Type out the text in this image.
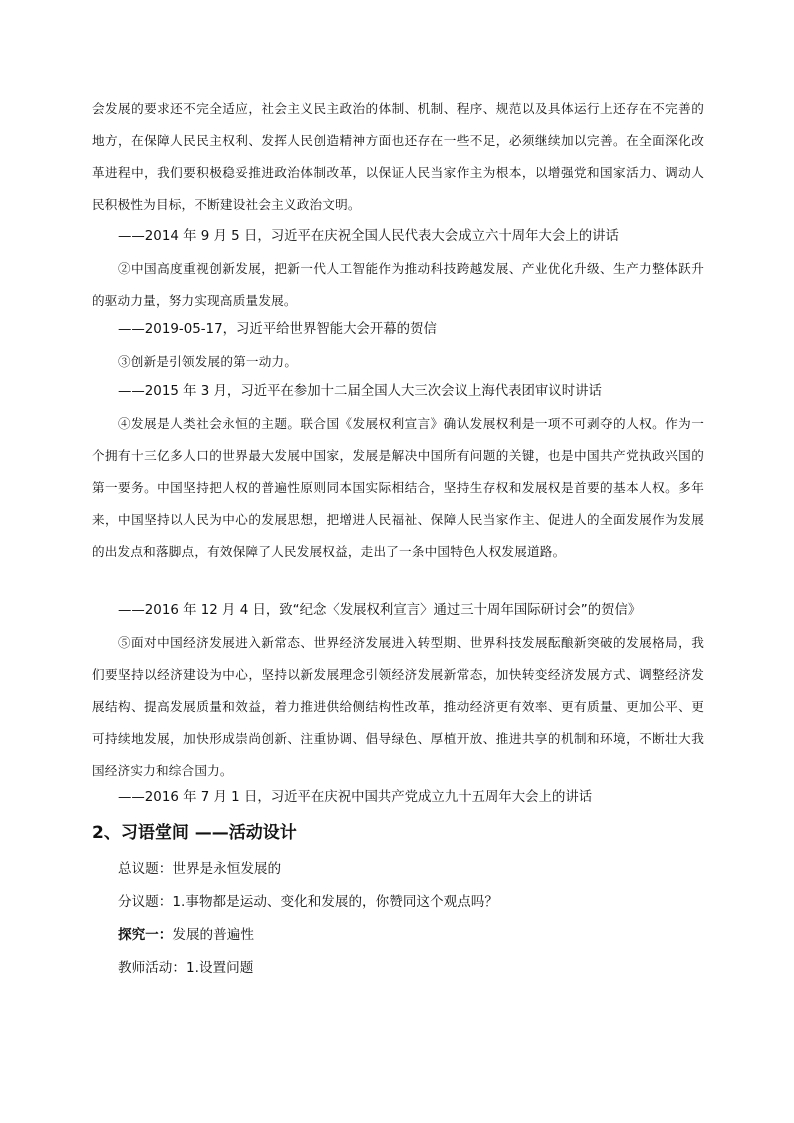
会发展的要求还不完全适应，社会主义民主政治的体制、机制、程序、规范以及具体运行上还存在不完善的地方，在保障人民民主权利、发挥人民创造精神方面也还存在一些不足，必须继续加以完善。在全面深化改革进程中，我们要积极稳妥推进政治体制改革，以保证人民当家作主为根本，以增强党和国家活力、调动人民积极性为目标，不断建设社会主义政治文明。

——2014 年 9 月 5 日，习近平在庆祝全国人民代表大会成立六十周年大会上的讲话

②中国高度重视创新发展，把新一代人工智能作为推动科技跨越发展、产业优化升级、生产力整体跃升的驱动力量，努力实现高质量发展。

——2019-05-17，习近平给世界智能大会开幕的贺信

③创新是引领发展的第一动力。

——2015 年 3 月，习近平在参加十二届全国人大三次会议上海代表团审议时讲话

④发展是人类社会永恒的主题。联合国《发展权利宣言》确认发展权利是一项不可剥夺的人权。作为一个拥有十三亿多人口的世界最大发展中国家，发展是解决中国所有问题的关键，也是中国共产党执政兴国的第一要务。中国坚持把人权的普遍性原则同本国实际相结合，坚持生存权和发展权是首要的基本人权。多年来，中国坚持以人民为中心的发展思想，把增进人民福祉、保障人民当家作主、促进人的全面发展作为发展的出发点和落脚点，有效保障了人民发展权益，走出了一条中国特色人权发展道路。

——2016 年 12 月 4 日，致“纪念〈发展权利宣言〉通过三十周年国际研讨会”的贺信》

⑤面对中国经济发展进入新常态、世界经济发展进入转型期、世界科技发展酝酿新突破的发展格局，我们要坚持以经济建设为中心，坚持以新发展理念引领经济发展新常态，加快转变经济发展方式、调整经济发展结构、提高发展质量和效益，着力推进供给侧结构性改革，推动经济更有效率、更有质量、更加公平、更可持续地发展，加快形成崇尚创新、注重协调、倡导绿色、厚植开放、推进共享的机制和环境，不断壮大我国经济实力和综合国力。

——2016 年 7 月 1 日，习近平在庆祝中国共产党成立九十五周年大会上的讲话

2、习语堂间 ——活动设计

总议题：世界是永恒发展的

分议题：1.事物都是运动、变化和发展的，你赞同这个观点吗？

探究一：发展的普遍性

教师活动：1.设置问题
